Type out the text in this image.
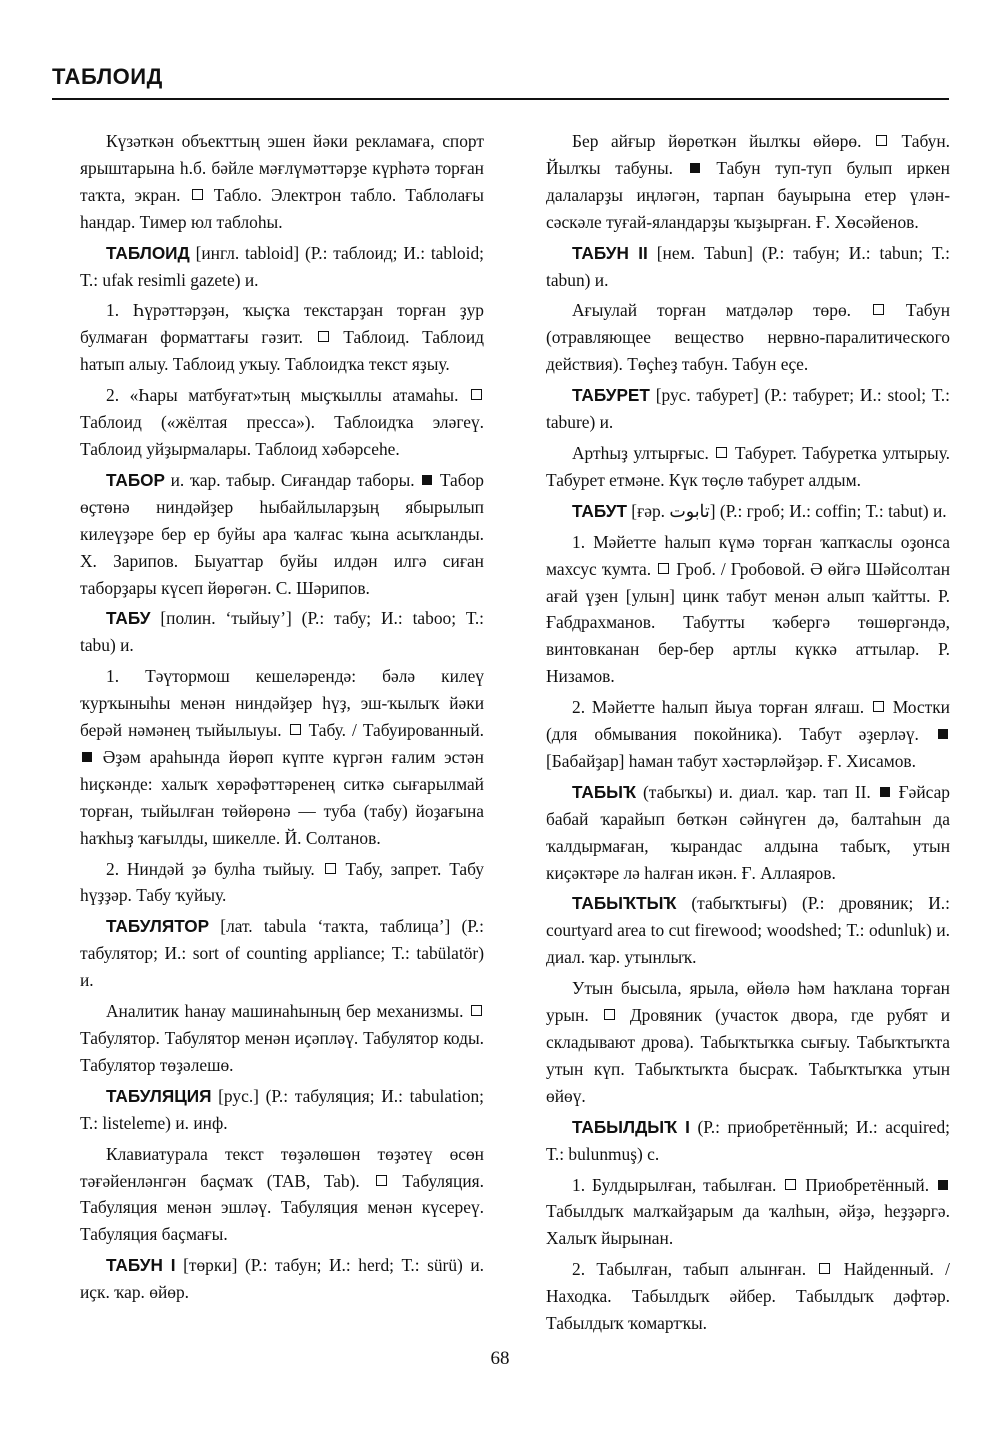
ТАБЛОИД

Күзәткән объекттың эшен йәки рекламаға, спорт ярыштарына һ.б. бәйле мәғлүмәттәрҙе күрһәтә торған таҡта, экран.  Табло. Электрон табло. Таблолағы һандар. Тимер юл таблоһы.

ТАБЛОИД [ингл. tabloid] (Р.: таблоид; И.: tabloid; Т.: ufak resimli gazete) и.

1. Һүрәттәрҙән, ҡыҫҡа текстарҙан торған ҙур булмаған форматтағы гәзит.  Таблоид. Таблоид һатып алыу. Таблоид уҡыу. Таблоидҡа текст яҙыу.

2. «Һары матбуғат»тың мыҫҡыллы атамаһы.  Таблоид («жёлтая пресса»). Таблоидҡа эләгеү. Таблоид уйҙырмалары. Таблоид хәбәрсеһе.

ТАБОР и. ҡар. табыр. Сиғандар таборы.  Табор өҫтөнә ниндәйҙер һыбайлыларҙың ябырылып килеүҙәре бер ер буйы ара ҡалғас ҡына асыҡланды. Х. Зарипов. Быуаттар буйы илдән илгә сиған таборҙары күсеп йөрөгән. С. Шәрипов.

ТАБУ [полин. ‘тыйыу’] (Р.: табу; И.: taboo; Т.: tabu) и.

1. Тәүтормош кешеләрендә: бәлә килеү ҡурҡыныһы менән ниндәйҙер һүҙ, эш-ҡылыҡ йәки берәй нәмәнең тыйылыуы.  Табу. / Табуированный.  Әҙәм араһында йөрөп күптe күргән ғалим эстән һиҫкәнде: халыҡ хөрәфәттәренең ситкә сығарылмай торған, тыйылған төйөрөнә — туба (табу) йоҙағына һаҡһыҙ ҡағылды, шикелле. Й. Солтанов.

2. Ниндәй ҙә булһа тыйыу.  Табу, запрет. Табу һүҙҙәр. Табу ҡуйыу.

ТАБУЛЯТОР [лат. tabula ‘таҡта, таблица’] (Р.: табулятор; И.: sort of counting appliance; Т.: tabülatör) и.

Аналитик һанау машинаһының бер механизмы.  Табулятор. Табулятор менән иҫәпләү. Табулятор коды. Табулятор төҙәлешө.

ТАБУЛЯЦИЯ [рус.] (Р.: табуляция; И.: tabulation; Т.: listeleme) и. инф.

Клавиатурала текст төҙәлөшөн төҙәтеү өсөн тәғәйенләнгән баҫмаҡ (TAB, Tab).  Табуляция. Табуляция менән эшләү. Табуляция менән күсереү. Табуляция баҫмағы.

ТАБУН I [төрки] (Р.: табун; И.: herd; Т.: sürü) и. иҫк. ҡар. өйөр.

Бер айғыр йөрөткән йылҡы өйөрө.  Табун. Йылҡы табуны.  Табун туп-туп булып иркен далаларҙы иңләгән, тарпан бауырына етер үлән-сәскәле туғай-яландарҙы ҡыҙырған. Ғ. Хөсәйенов.

ТАБУН II [нем. Tabun] (Р.: табун; И.: tabun; Т.: tabun) и.

Ағыулай торған матдәләр төрө.  Табун (отравляющее вещество нервно-паралитического действия). Төҫһеҙ табун. Табун еҫе.

ТАБУРЕТ [рус. табурет] (Р.: табурет; И.: stool; Т.: tabure) и.

Артһыҙ ултырғыс.  Табурет. Табуретка ултырыу. Табурет етмәне. Күк төҫлө табурет алдым.

ТАБУТ [ғәр. تابوت] (Р.: гроб; И.: coffin; Т.: tabut) и.

1. Мәйетте һалып күмә торған ҡапҡаслы оҙонса махсус ҡумта.  Гроб. / Гробовой. Ә өйгә Шәйсолтан ағай үҙен [улын] цинк табут менән алып ҡайтты. Р. Ғабдрахманов. Табутты ҡәбергә төшөргәндә, винтовканан бер-бер артлы күккә аттылар. Р. Низамов.

2. Мәйетте һалып йыуа торған ялғаш.  Мостки (для обмывания покойника). Табут әҙерләү.  [Бабайҙар] һаман табут хәстәрләйҙәр. Ғ. Хисамов.

ТАБЫҠ (табыҡы) и. диал. ҡар. тап II.  Ғәйсар бабай ҡарайып бөткән сәйнүген дә, балтаһын да ҡалдырмаған, ҡырандас алдына табыҡ, утын киҫәктәре лә һалған икән. Ғ. Аллаяров.

ТАБЫҠТЫҠ (табыҡтығы) (Р.: дровяник; И.: courtyard area to cut firewood; woodshed; Т.: odunluk) и. диал. ҡар. утынлыҡ.

Утын бысыла, ярыла, өйөлә һәм һаҡлана торған урын.  Дровяник (участок двора, где рубят и складывают дрова). Табыҡтыҡка сығыу. Табыҡтыҡта утын күп. Табыҡтыҡта бысраҡ. Табыҡтыҡка утын өйөү.

ТАБЫЛДЫҠ I (Р.: приобретённый; И.: acquired; Т.: bulunmuş) с.

1. Булдырылған, табылған.  Приобретённый.  Табылдыҡ малҡайҙарым да ҡалһын, әйҙә, һеҙҙәргә. Халыҡ йырынан.

2. Табылған, табып алынған.  Найденный. / Находка. Табылдыҡ әйбер. Табылдыҡ дәфтәр. Табылдыҡ ҡомартҡы.

68
